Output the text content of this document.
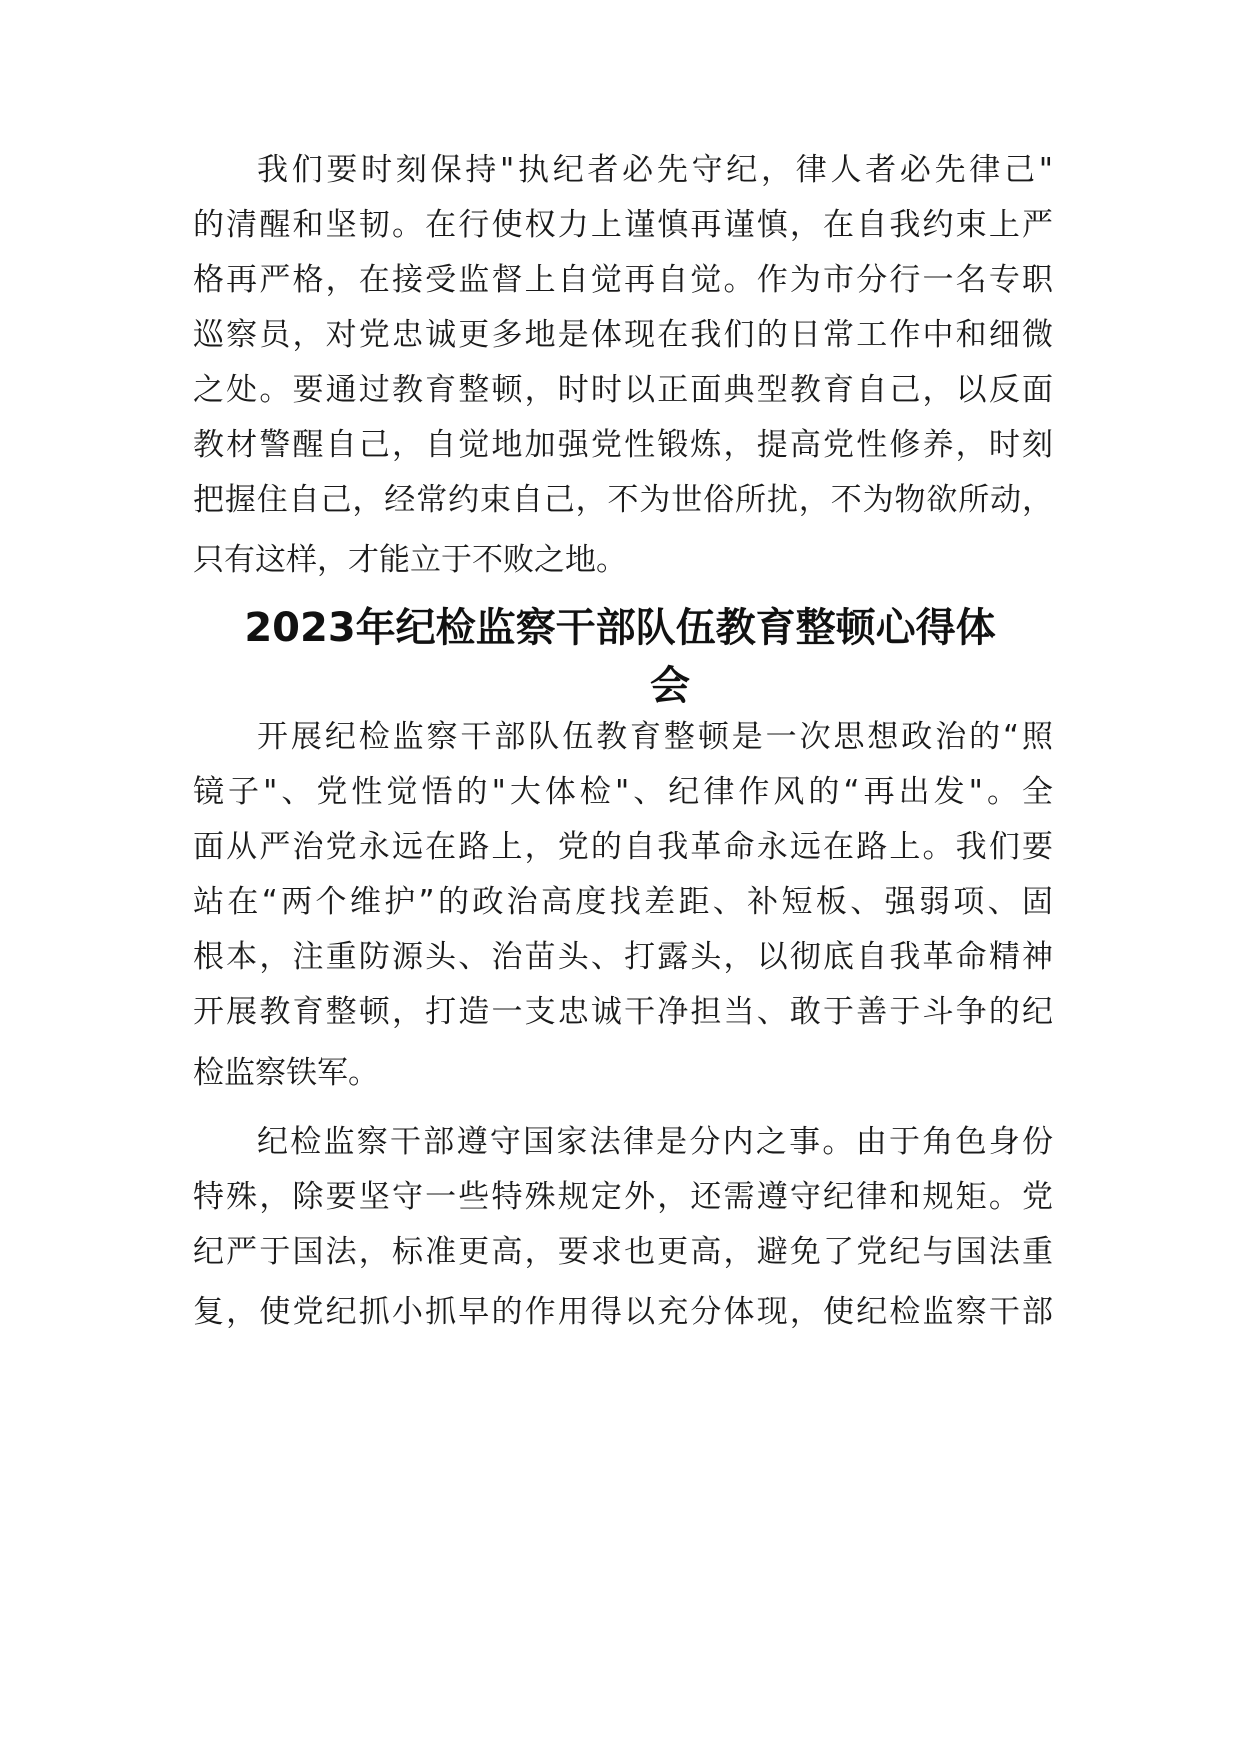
我们要时刻保持"执纪者必先守纪，律人者必先律己"
的清醒和坚韧。在行使权力上谨慎再谨慎，在自我约束上严
格再严格，在接受监督上自觉再自觉。作为市分行一名专职
巡察员，对党忠诚更多地是体现在我们的日常工作中和细微
之处。要通过教育整顿，时时以正面典型教育自己，以反面
教材警醒自己，自觉地加强党性锻炼，提高党性修养，时刻
把握住自己，经常约束自己，不为世俗所扰，不为物欲所动，
只有这样，才能立于不败之地。
2023年纪检监察干部队伍教育整顿心得体
会
开展纪检监察干部队伍教育整顿是一次思想政治的“照
镜子"、党性觉悟的"大体检"、纪律作风的“再出发"。全
面从严治党永远在路上，党的自我革命永远在路上。我们要
站在“两个维护”的政治高度找差距、补短板、强弱项、固
根本，注重防源头、治苗头、打露头，以彻底自我革命精神
开展教育整顿，打造一支忠诚干净担当、敢于善于斗争的纪
检监察铁军。
纪检监察干部遵守国家法律是分内之事。由于角色身份
特殊，除要坚守一些特殊规定外，还需遵守纪律和规矩。党
纪严于国法，标准更高，要求也更高，避免了党纪与国法重
复，使党纪抓小抓早的作用得以充分体现，使纪检监察干部
